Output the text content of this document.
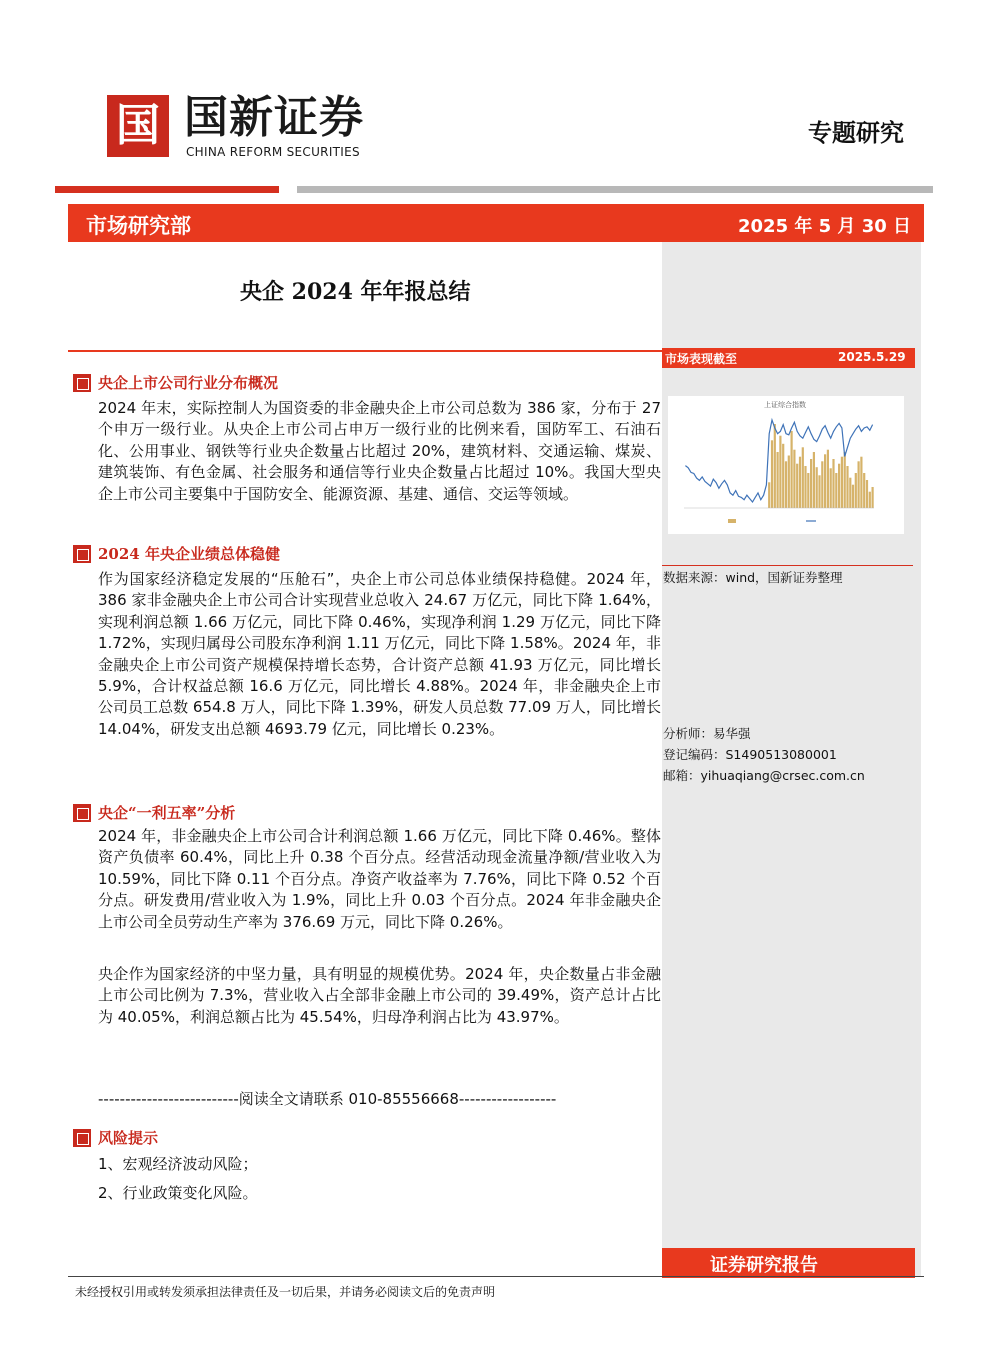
国 国新证券
CHINA REFORM SECURITIES
专题研究
市场研究部	2025 年 5 月 30 日
市场表现截至	2025.5.29
上证综合指数
数据来源：wind，国新证券整理
分析师：易华强
登记编码：S1490513080001
邮箱：yihuaqiang@crsec.com.cn
证券研究报告
央企 2024 年年报总结
央企上市公司行业分布概况
2024 年末，实际控制人为国资委的非金融央企上市公司总数为 386 家，分布于 27 个申万一级行业。从央企上市公司占申万一级行业的比例来看，国防军工、石油石化、公用事业、钢铁等行业央企数量占比超过 20%，建筑材料、交通运输、煤炭、建筑装饰、有色金属、社会服务和通信等行业央企数量占比超过 10%。我国大型央企上市公司主要集中于国防安全、能源资源、基建、通信、交运等领域。
2024 年央企业绩总体稳健
作为国家经济稳定发展的“压舱石”，央企上市公司总体业绩保持稳健。2024 年，386 家非金融央企上市公司合计实现营业总收入 24.67 万亿元，同比下降 1.64%，实现利润总额 1.66 万亿元，同比下降 0.46%，实现净利润 1.29 万亿元，同比下降 1.72%，实现归属母公司股东净利润 1.11 万亿元，同比下降 1.58%。2024 年，非金融央企上市公司资产规模保持增长态势，合计资产总额 41.93 万亿元，同比增长 5.9%，合计权益总额 16.6 万亿元，同比增长 4.88%。2024 年，非金融央企上市公司员工总数 654.8 万人，同比下降 1.39%，研发人员总数 77.09 万人，同比增长 14.04%，研发支出总额 4693.79 亿元，同比增长 0.23%。
央企“一利五率”分析
2024 年，非金融央企上市公司合计利润总额 1.66 万亿元，同比下降 0.46%。整体资产负债率 60.4%，同比上升 0.38 个百分点。经营活动现金流量净额/营业收入为 10.59%，同比下降 0.11 个百分点。净资产收益率为 7.76%，同比下降 0.52 个百分点。研发费用/营业收入为 1.9%，同比上升 0.03 个百分点。2024 年非金融央企上市公司全员劳动生产率为 376.69 万元，同比下降 0.26%。
央企作为国家经济的中坚力量，具有明显的规模优势。2024 年，央企数量占非金融上市公司比例为 7.3%，营业收入占全部非金融上市公司的 39.49%，资产总计占比为 40.05%，利润总额占比为 45.54%，归母净利润占比为 43.97%。
--------------------------阅读全文请联系 010-85556668------------------
风险提示
1、宏观经济波动风险；
2、行业政策变化风险。
未经授权引用或转发须承担法律责任及一切后果，并请务必阅读文后的免责声明
